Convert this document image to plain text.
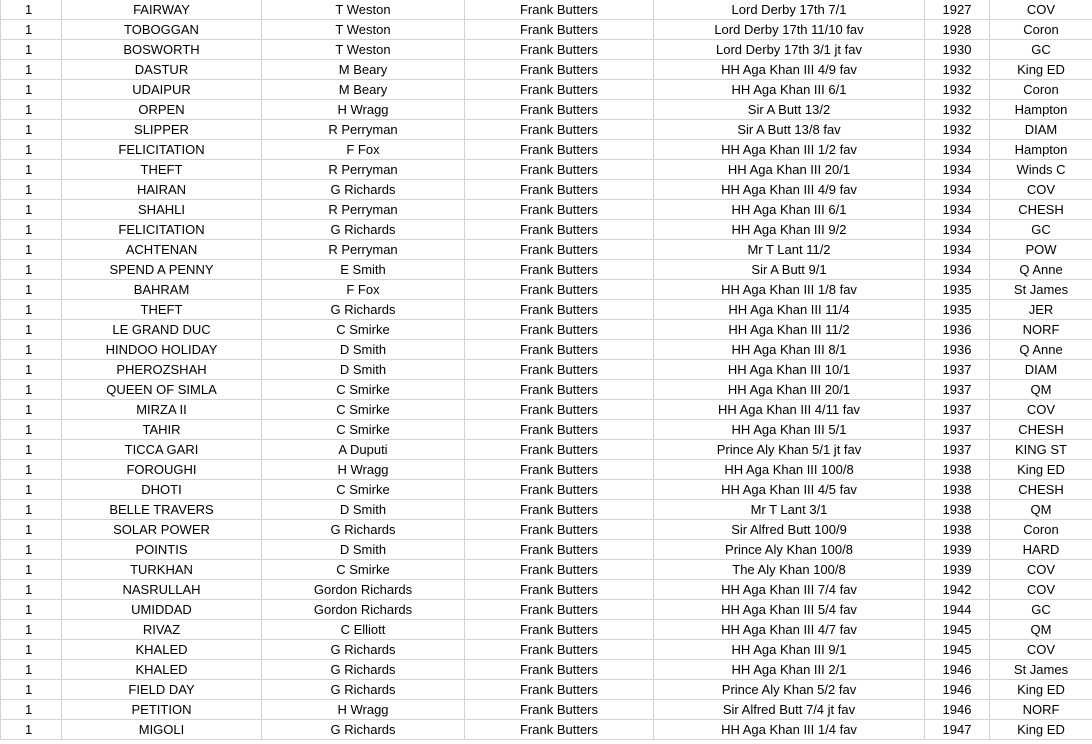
1	FAIRWAY	T Weston	Frank Butters	Lord Derby 17th 7/1	1927	COV
1	TOBOGGAN	T Weston	Frank Butters	Lord Derby 17th 11/10 fav	1928	Coron
1	BOSWORTH	T Weston	Frank Butters	Lord Derby 17th 3/1 jt fav	1930	GC
1	DASTUR	M Beary	Frank Butters	HH Aga Khan III 4/9 fav	1932	King ED
1	UDAIPUR	M Beary	Frank Butters	HH Aga Khan III 6/1	1932	Coron
1	ORPEN	H Wragg	Frank Butters	Sir A Butt 13/2	1932	Hampton
1	SLIPPER	R Perryman	Frank Butters	Sir A Butt 13/8 fav	1932	DIAM
1	FELICITATION	F Fox	Frank Butters	HH Aga Khan III 1/2 fav	1934	Hampton
1	THEFT	R Perryman	Frank Butters	HH Aga Khan III 20/1	1934	Winds C
1	HAIRAN	G Richards	Frank Butters	HH Aga Khan III 4/9 fav	1934	COV
1	SHAHLI	R Perryman	Frank Butters	HH Aga Khan III 6/1	1934	CHESH
1	FELICITATION	G Richards	Frank Butters	HH Aga Khan III 9/2	1934	GC
1	ACHTENAN	R Perryman	Frank Butters	Mr T Lant 11/2	1934	POW
1	SPEND A PENNY	E Smith	Frank Butters	Sir A Butt 9/1	1934	Q Anne
1	BAHRAM	F Fox	Frank Butters	HH Aga Khan III 1/8 fav	1935	St James
1	THEFT	G Richards	Frank Butters	HH Aga Khan III 11/4	1935	JER
1	LE GRAND DUC	C Smirke	Frank Butters	HH Aga Khan III 11/2	1936	NORF
1	HINDOO HOLIDAY	D Smith	Frank Butters	HH Aga Khan III 8/1	1936	Q Anne
1	PHEROZSHAH	D Smith	Frank Butters	HH Aga Khan III 10/1	1937	DIAM
1	QUEEN OF SIMLA	C Smirke	Frank Butters	HH Aga Khan III 20/1	1937	QM
1	MIRZA II	C Smirke	Frank Butters	HH Aga Khan III 4/11 fav	1937	COV
1	TAHIR	C Smirke	Frank Butters	HH Aga Khan III 5/1	1937	CHESH
1	TICCA GARI	A Duputi	Frank Butters	Prince Aly Khan 5/1 jt fav	1937	KING ST
1	FOROUGHI	H Wragg	Frank Butters	HH Aga Khan III 100/8	1938	King ED
1	DHOTI	C Smirke	Frank Butters	HH Aga Khan III 4/5 fav	1938	CHESH
1	BELLE TRAVERS	D Smith	Frank Butters	Mr T Lant 3/1	1938	QM
1	SOLAR POWER	G Richards	Frank Butters	Sir Alfred Butt 100/9	1938	Coron
1	POINTIS	D Smith	Frank Butters	Prince Aly Khan 100/8	1939	HARD
1	TURKHAN	C Smirke	Frank Butters	The Aly Khan 100/8	1939	COV
1	NASRULLAH	Gordon Richards	Frank Butters	HH Aga Khan III 7/4 fav	1942	COV
1	UMIDDAD	Gordon Richards	Frank Butters	HH Aga Khan III 5/4 fav	1944	GC
1	RIVAZ	C Elliott	Frank Butters	HH Aga Khan III 4/7 fav	1945	QM
1	KHALED	G Richards	Frank Butters	HH Aga Khan III 9/1	1945	COV
1	KHALED	G Richards	Frank Butters	HH Aga Khan III 2/1	1946	St James
1	FIELD DAY	G Richards	Frank Butters	Prince Aly Khan 5/2 fav	1946	King ED
1	PETITION	H Wragg	Frank Butters	Sir Alfred Butt 7/4 jt fav	1946	NORF
1	MIGOLI	G Richards	Frank Butters	HH Aga Khan III 1/4 fav	1947	King ED
